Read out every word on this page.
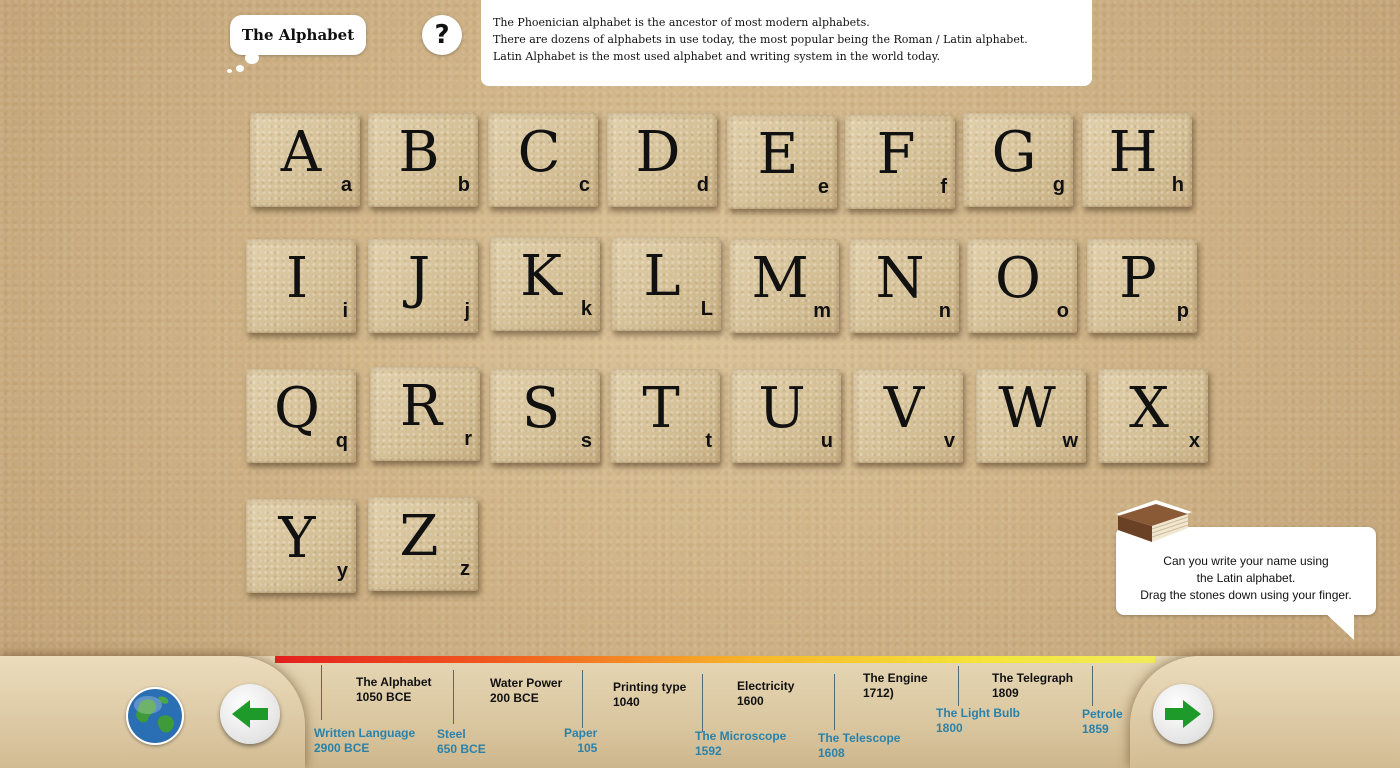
The Alphabet	?	The Phoenician alphabet is the ancestor of most modern alphabets.
There are dozens of alphabets in use today, the most popular being the Roman / Latin alphabet.
Latin Alphabet is the most used alphabet and writing system in the world today.
A a B b C c D d E e F	f
G g H h
I	i	J	j
K k L	L M m N n O o P p
Q q
R	r S	s T	t U u V v W w X x
Y	y
Z	z	Can you write your name using
the Latin alphabet.
Drag the stones down using your finger.
Written Language
2900 BCE
The Alphabet
1050 BCE
Steel
650 BCE
Water Power
200 BCE
Paper
105
Printing type
1040
The Microscope
1592
Electricity
1600
The Telescope
1608
The Engine
1712)
The Light Bulb
1800
The Telegraph
1809
Petrole
1859
